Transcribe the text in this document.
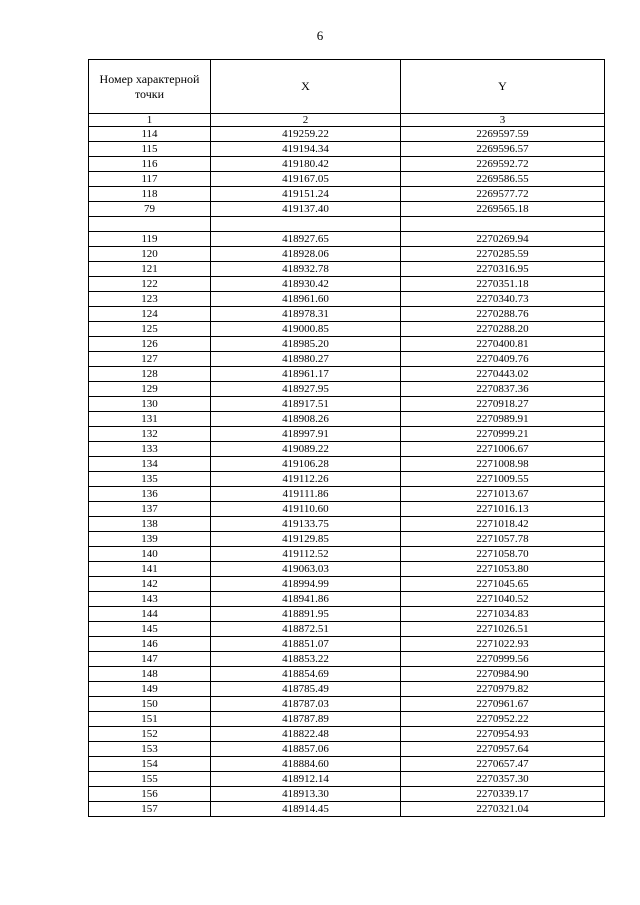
6
Номер характерной точки	X	Y
1	2	3
114	419259.22	2269597.59
115	419194.34	2269596.57
116	419180.42	2269592.72
117	419167.05	2269586.55
118	419151.24	2269577.72
79	419137.40	2269565.18

119	418927.65	2270269.94
120	418928.06	2270285.59
121	418932.78	2270316.95
122	418930.42	2270351.18
123	418961.60	2270340.73
124	418978.31	2270288.76
125	419000.85	2270288.20
126	418985.20	2270400.81
127	418980.27	2270409.76
128	418961.17	2270443.02
129	418927.95	2270837.36
130	418917.51	2270918.27
131	418908.26	2270989.91
132	418997.91	2270999.21
133	419089.22	2271006.67
134	419106.28	2271008.98
135	419112.26	2271009.55
136	419111.86	2271013.67
137	419110.60	2271016.13
138	419133.75	2271018.42
139	419129.85	2271057.78
140	419112.52	2271058.70
141	419063.03	2271053.80
142	418994.99	2271045.65
143	418941.86	2271040.52
144	418891.95	2271034.83
145	418872.51	2271026.51
146	418851.07	2271022.93
147	418853.22	2270999.56
148	418854.69	2270984.90
149	418785.49	2270979.82
150	418787.03	2270961.67
151	418787.89	2270952.22
152	418822.48	2270954.93
153	418857.06	2270957.64
154	418884.60	2270657.47
155	418912.14	2270357.30
156	418913.30	2270339.17
157	418914.45	2270321.04
